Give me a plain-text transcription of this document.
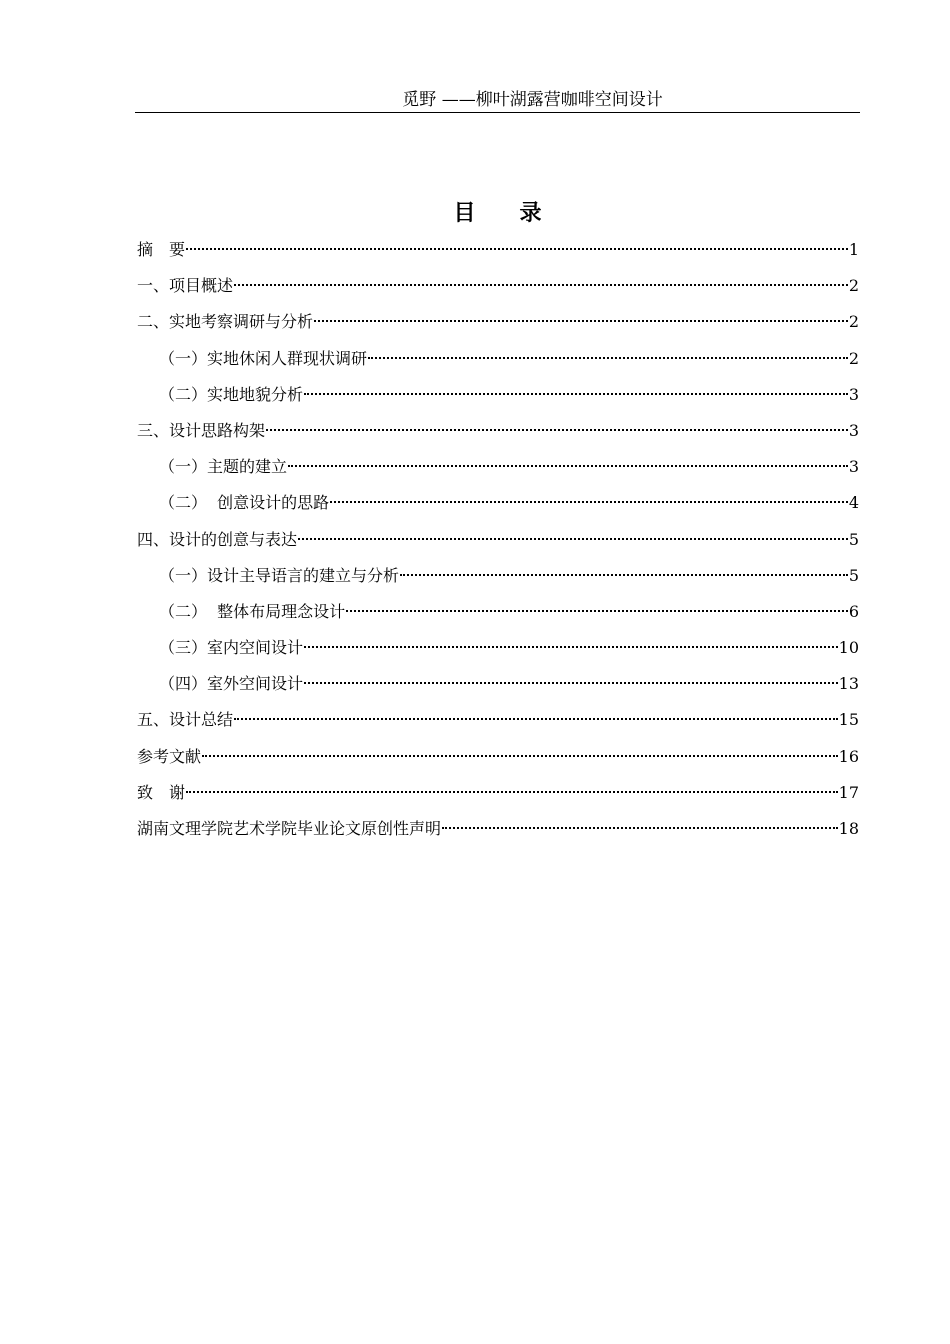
觅野 ——柳叶湖露营咖啡空间设计
目录
摘　要	1
一、项目概述	2
二、实地考察调研与分析	2
（一）实地休闲人群现状调研	2
（二）实地地貌分析	3
三、设计思路构架	3
（一）主题的建立	3
（二）  创意设计的思路	4
四、设计的创意与表达	5
（一）设计主导语言的建立与分析	5
（二）  整体布局理念设计	6
（三）室内空间设计	10
（四）室外空间设计	13
五、设计总结	15
参考文献	16
致　谢	17
湖南文理学院艺术学院毕业论文原创性声明	18
